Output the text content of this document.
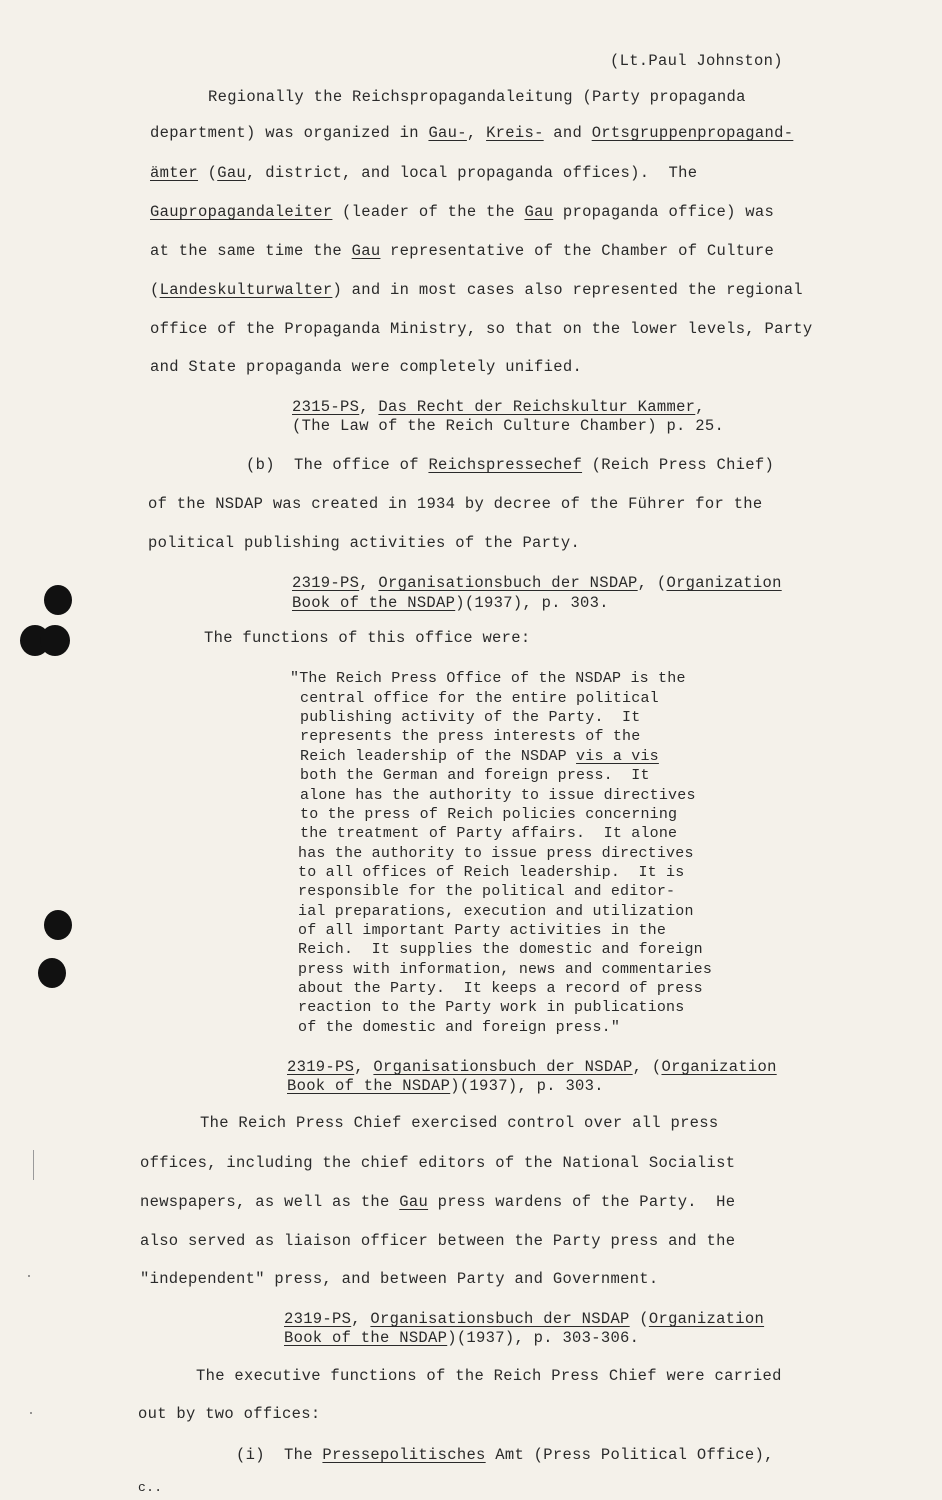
(Lt.Paul Johnston)
Regionally the Reichspropagandaleitung (Party propaganda
department) was organized in Gau-, Kreis- and Ortsgruppenpropagand-
ämter (Gau, district, and local propaganda offices).  The
Gaupropagandaleiter (leader of the the Gau propaganda office) was
at the same time the Gau representative of the Chamber of Culture
(Landeskulturwalter) and in most cases also represented the regional
office of the Propaganda Ministry, so that on the lower levels, Party
and State propaganda were completely unified.
2315-PS, Das Recht der Reichskultur Kammer,
(The Law of the Reich Culture Chamber) p. 25.
(b)  The office of Reichspressechef (Reich Press Chief)
of the NSDAP was created in 1934 by decree of the Führer for the
political publishing activities of the Party.
2319-PS, Organisationsbuch der NSDAP, (Organization
Book of the NSDAP)(1937), p. 303.
The functions of this office were:
"The Reich Press Office of the NSDAP is the
central office for the entire political
publishing activity of the Party.  It
represents the press interests of the
Reich leadership of the NSDAP vis a vis
both the German and foreign press.  It
alone has the authority to issue directives
to the press of Reich policies concerning
the treatment of Party affairs.  It alone
has the authority to issue press directives
to all offices of Reich leadership.  It is
responsible for the political and editor-
ial preparations, execution and utilization
of all important Party activities in the
Reich.  It supplies the domestic and foreign
press with information, news and commentaries
about the Party.  It keeps a record of press
reaction to the Party work in publications
of the domestic and foreign press."
2319-PS, Organisationsbuch der NSDAP, (Organization
Book of the NSDAP)(1937), p. 303.
The Reich Press Chief exercised control over all press
offices, including the chief editors of the National Socialist
newspapers, as well as the Gau press wardens of the Party.  He
also served as liaison officer between the Party press and the
"independent" press, and between Party and Government.
2319-PS, Organisationsbuch der NSDAP (Organization
Book of the NSDAP)(1937), p. 303-306.
The executive functions of the Reich Press Chief were carried
out by two offices:
(i)  The Pressepolitisches Amt (Press Political Office),
c..
